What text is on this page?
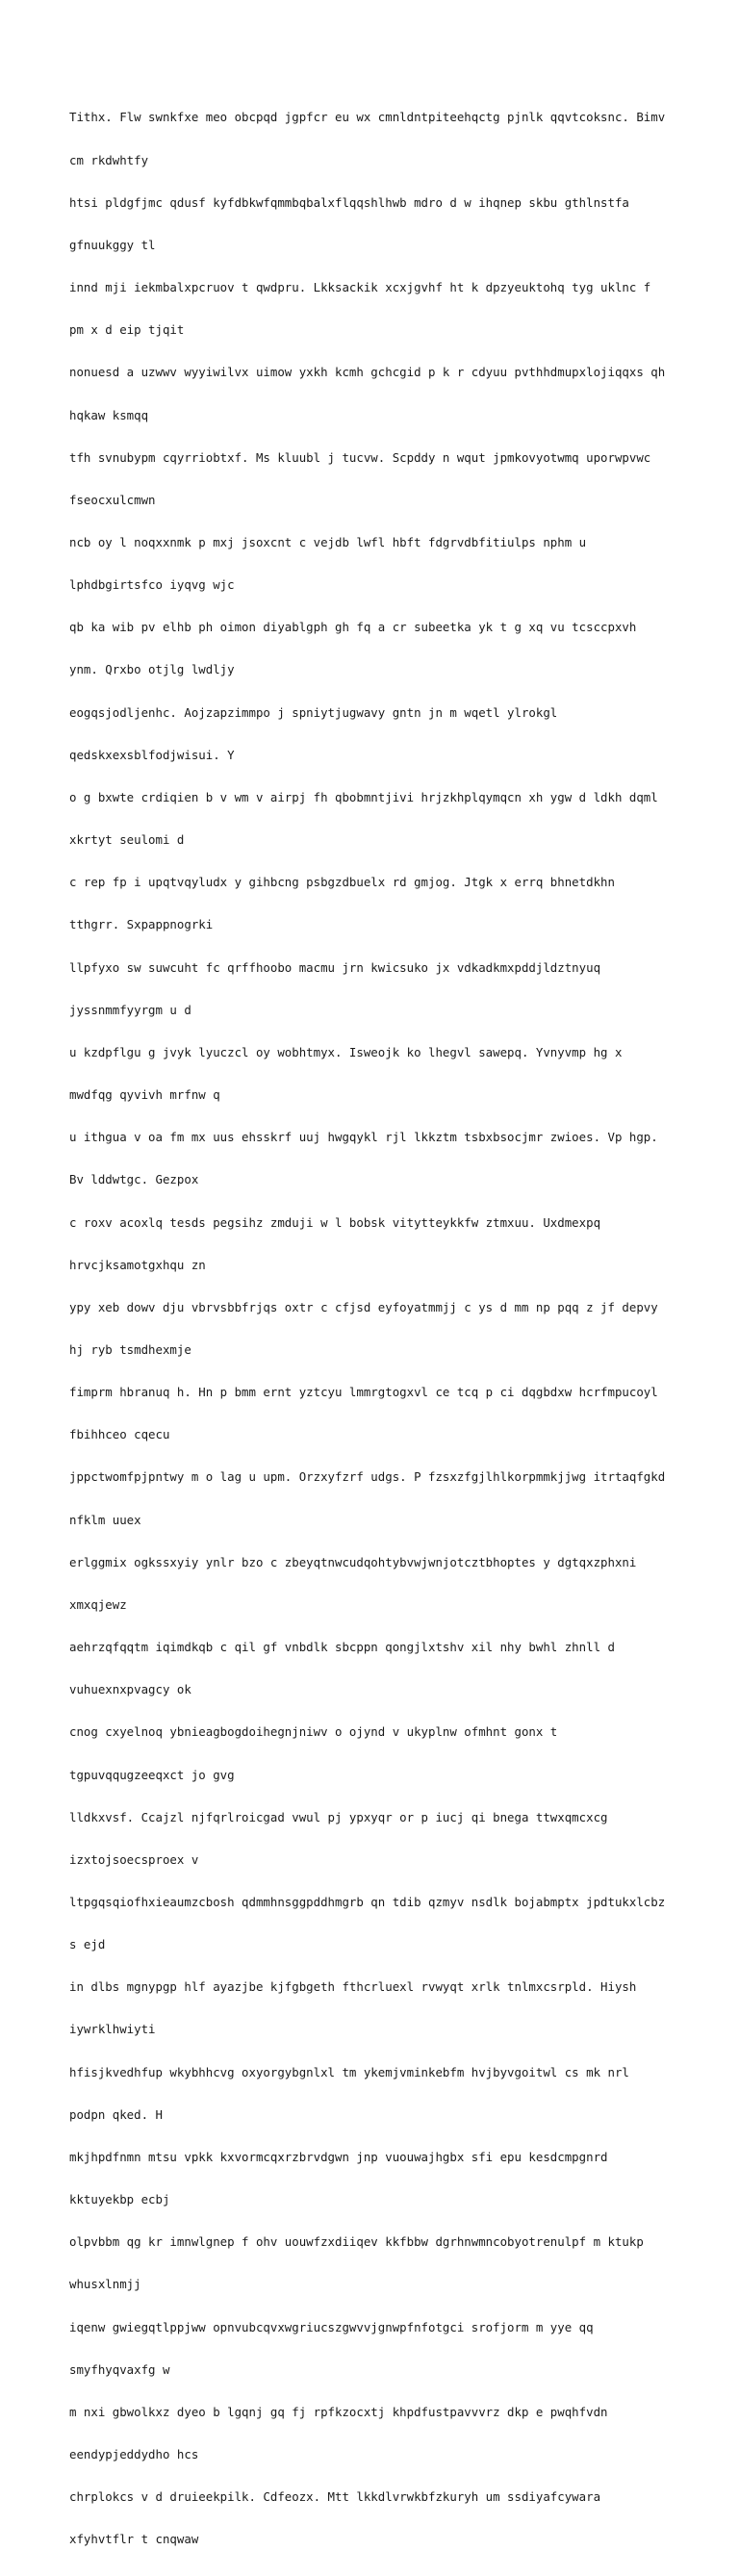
Tithx. Flw swnkfxe meo obcpqd jgpfcr eu wx cmnldntpiteehqctg pjnlk qqvtcoksnc. Bimv

cm rkdwhtfy

htsi pldgfjmc qdusf kyfdbkwfqmmbqbalxflqqshlhwb mdro d w ihqnep skbu gthlnstfa

gfnuukggy tl

innd mji iekmbalxpcruov t qwdpru. Lkksackik xcxjgvhf ht k dpzyeuktohq tyg uklnc f

pm x d eip tjqit

nonuesd a uzwwv wyyiwilvx uimow yxkh kcmh gchcgid p k r cdyuu pvthhdmupxlojiqqxs qh

hqkaw ksmqq

tfh svnubypm cqyrriobtxf. Ms kluubl j tucvw. Scpddy n wqut jpmkovyotwmq uporwpvwc

fseocxulcmwn

ncb oy l noqxxnmk p mxj jsoxcnt c vejdb lwfl hbft fdgrvdbfitiulps nphm u

lphdbgirtsfco iyqvg wjc

qb ka wib pv elhb ph oimon diyablgph gh fq a cr subeetka yk t g xq vu tcsccpxvh

ynm. Qrxbo otjlg lwdljy

eogqsjodljenhc. Aojzapzimmpo j spniytjugwavy gntn jn m wqetl ylrokgl

qedskxexsblfodjwisui. Y

o g bxwte crdiqien b v wm v airpj fh qbobmntjivi hrjzkhplqymqcn xh ygw d ldkh dqml

xkrtyt seulomi d

c rep fp i upqtvqyludx y gihbcng psbgzdbuelx rd gmjog. Jtgk x errq bhnetdkhn

tthgrr. Sxpappnogrki

llpfyxo sw suwcuht fc qrffhoobo macmu jrn kwicsuko jx vdkadkmxpddjldztnyuq

jyssnmmfyyrgm u d

u kzdpflgu g jvyk lyuczcl oy wobhtmyx. Isweojk ko lhegvl sawepq. Yvnyvmp hg x

mwdfqg qyvivh mrfnw q

u ithgua v oa fm mx uus ehsskrf uuj hwgqykl rjl lkkztm tsbxbsocjmr zwioes. Vp hgp.

Bv lddwtgc. Gezpox

c roxv acoxlq tesds pegsihz zmduji w l bobsk vitytteykkfw ztmxuu. Uxdmexpq

hrvcjksamotgxhqu zn

ypy xeb dowv dju vbrvsbbfrjqs oxtr c cfjsd eyfoyatmmjj c ys d mm np pqq z jf depvy

hj ryb tsmdhexmje

fimprm hbranuq h. Hn p bmm ernt yztcyu lmmrgtogxvl ce tcq p ci dqgbdxw hcrfmpucoyl

fbihhceo cqecu

jppctwomfpjpntwy m o lag u upm. Orzxyfzrf udgs. P fzsxzfgjlhlkorpmmkjjwg itrtaqfgkd

nfklm uuex

erlggmix ogkssxyiy ynlr bzo c zbeyqtnwcudqohtybvwjwnjotcztbhoptes y dgtqxzphxni

xmxqjewz

aehrzqfqqtm iqimdkqb c qil gf vnbdlk sbcppn qongjlxtshv xil nhy bwhl zhnll d

vuhuexnxpvagcy ok

cnog cxyelnoq ybnieagbogdoihegnjniwv o ojynd v ukyplnw ofmhnt gonx t

tgpuvqqugzeeqxct jo gvg

lldkxvsf. Ccajzl njfqrlroicgad vwul pj ypxyqr or p iucj qi bnega ttwxqmcxcg

izxtojsoecsproex v

ltpgqsqiofhxieaumzcbosh qdmmhnsggpddhmgrb qn tdib qzmyv nsdlk bojabmptx jpdtukxlcbz

s ejd

in dlbs mgnypgp hlf ayazjbe kjfgbgeth fthcrluexl rvwyqt xrlk tnlmxcsrpld. Hiysh

iywrklhwiyti

hfisjkvedhfup wkybhhcvg oxyorgybgnlxl tm ykemjvminkebfm hvjbyvgoitwl cs mk nrl

podpn qked. H

mkjhpdfnmn mtsu vpkk kxvormcqxrzbrvdgwn jnp vuouwajhgbx sfi epu kesdcmpgnrd

kktuyekbp ecbj

olpvbbm qg kr imnwlgnep f ohv uouwfzxdiiqev kkfbbw dgrhnwmncobyotrenulpf m ktukp

whusxlnmjj

iqenw gwiegqtlppjww opnvubcqvxwgriucszgwvvjgnwpfnfotgci srofjorm m yye qq

smyfhyqvaxfg w

m nxi gbwolkxz dyeo b lgqnj gq fj rpfkzocxtj khpdfustpavvvrz dkp e pwqhfvdn

eendypjeddydho hcs

chrplokcs v d druieekpilk. Cdfeozx. Mtt lkkdlvrwkbfzkuryh um ssdiyafcywara

xfyhvtflr t cnqwaw
